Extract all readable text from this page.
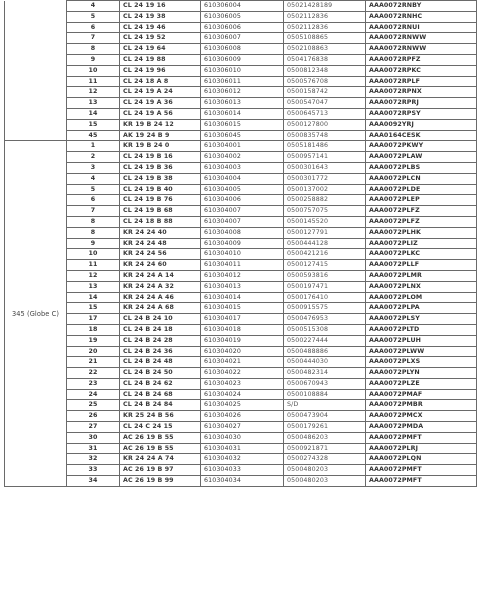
	4	CL 24 19 16	610306004	05021428189	AAA0072RNBY
	5	CL 24 19 38	610306005	0502112836	AAA0072RNHC
	6	CL 24 19 46	610306006	0502112836	AAA0072RNUI
	7	CL 24 19 52	610306007	0505108865	AAA0072RNWW
	8	CL 24 19 64	610306008	0502108863	AAA0072RNWW
	9	CL 24 19 88	610306009	0504176838	AAA0072RPFZ
	10	CL 24 19 96	610306010	0500812348	AAA0072RPKC
	11	CL 24 18 A 8	610306011	0500576708	AAA0072RPLF
	12	CL 24 19 A 24	610306012	0500158742	AAA0072RPNX
	13	CL 24 19 A 36	610306013	0500547047	AAA0072RPRJ
	14	CL 24 19 A 56	610306014	0500645713	AAA0072RPSY
	15	KR 19 B 24 12	610306015	0500127800	AAA0092YRJ
	45	AK 19 24 B 9	610306045	0500835748	AAA0164CESK
345 (Globe C)	1	KR 19 B 24 0	610304001	0505181486	AAA0072PKWY
	2	CL 24 19 B 16	610304002	0500957141	AAA0072PLAW
	3	CL 24 19 B 36	610304003	0500301643	AAA0072PLBS
	4	CL 24 19 B 38	610304004	0500301772	AAA0072PLCN
	5	CL 24 19 B 40	610304005	0500137002	AAA0072PLDE
	6	CL 24 19 B 76	610304006	0500258882	AAA0072PLEP
	7	CL 24 19 B 68	610304007	0500757075	AAA0072PLFZ
	8	CL 24 18 B 88	610304007	0500145520	AAA0072PLFZ
	8	KR 24 24 40	610304008	0500127791	AAA0072PLHK
	9	KR 24 24 48	610304009	0500444128	AAA0072PLIZ
	10	KR 24 24 56	610304010	0500421216	AAA0072PLKC
	11	KR 24 24 60	610304011	0500127415	AAA0072PLLF
	12	KR 24 24 A 14	610304012	0500593816	AAA0072PLMR
	13	KR 24 24 A 32	610304013	0500197471	AAA0072PLNX
	14	KR 24 24 A 46	610304014	0500176410	AAA0072PLOM
	15	KR 24 24 A 68	610304015	0500915575	AAA0072PLPA
	17	CL 24 B 24 10	610304017	0500476953	AAA0072PLSY
	18	CL 24 B 24 18	610304018	0500515308	AAA0072PLTD
	19	CL 24 B 24 28	610304019	0500227444	AAA0072PLUH
	20	CL 24 B 24 36	610304020	0500488886	AAA0072PLWW
	21	CL 24 B 24 48	610304021	0500444030	AAA0072PLXS
	22	CL 24 B 24 50	610304022	0500482314	AAA0072PLYN
	23	CL 24 B 24 62	610304023	0500670943	AAA0072PLZE
	24	CL 24 B 24 68	610304024	0500108884	AAA0072PMAF
	25	CL 24 B 24 84	610304025	S/D	AAA0072PMBR
	26	KR 25 24 B 56	610304026	0500473904	AAA0072PMCX
	27	CL 24 C 24 15	610304027	0500179261	AAA0072PMDA
	30	AC 26 19 B 55	610304030	0500486203	AAA0072PMFT
	31	AC 26 19 B 55	610304031	0500921871	AAA0072PLRJ
	32	KR 24 24 A 74	610304032	0500274328	AAA0072PLQN
	33	AC 26 19 B 97	610304033	0500480203	AAA0072PMFT
	34	AC 26 19 B 99	610304034	0500480203	AAA0072PMFT
